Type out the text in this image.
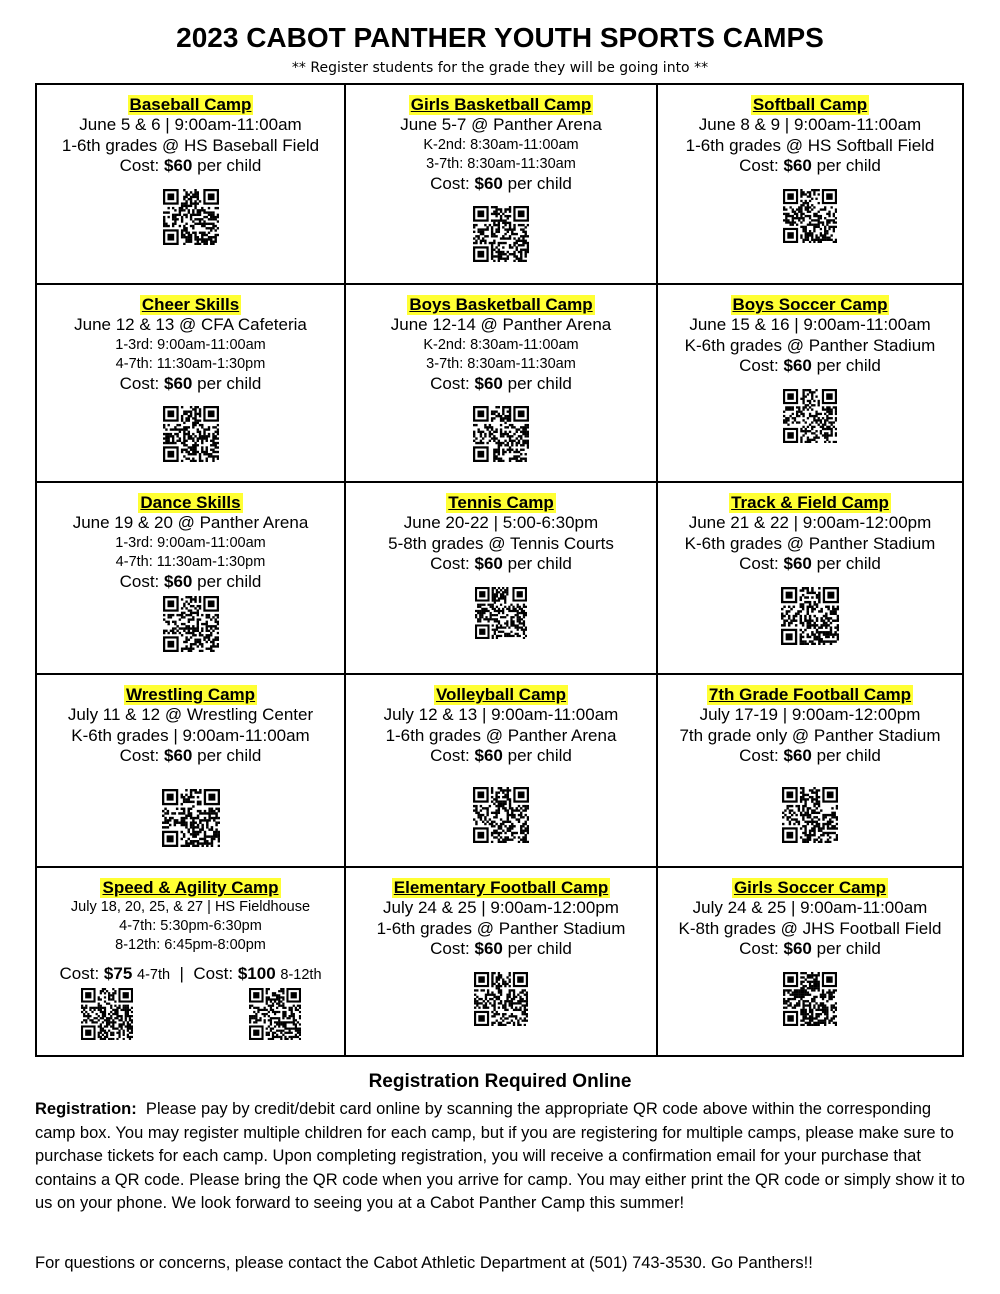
2023 CABOT PANTHER YOUTH SPORTS CAMPS
** Register students for the grade they will be going into **
Baseball Camp
June 5 & 6 | 9:00am-11:00am
1-6th grades @ HS Baseball Field
Cost: $60 per child
Girls Basketball Camp
June 5-7 @ Panther Arena
K-2nd: 8:30am-11:00am
3-7th: 8:30am-11:30am
Cost: $60 per child
Softball Camp
June 8 & 9 | 9:00am-11:00am
1-6th grades @ HS Softball Field
Cost: $60 per child
Cheer Skills
June 12 & 13 @ CFA Cafeteria
1-3rd: 9:00am-11:00am
4-7th: 11:30am-1:30pm
Cost: $60 per child
Boys Basketball Camp
June 12-14 @ Panther Arena
K-2nd: 8:30am-11:00am
3-7th: 8:30am-11:30am
Cost: $60 per child
Boys Soccer Camp
June 15 & 16 | 9:00am-11:00am
K-6th grades @ Panther Stadium
Cost: $60 per child
Dance Skills
June 19 & 20 @ Panther Arena
1-3rd: 9:00am-11:00am
4-7th: 11:30am-1:30pm
Cost: $60 per child
Tennis Camp
June 20-22 | 5:00-6:30pm
5-8th grades @ Tennis Courts
Cost: $60 per child
Track & Field Camp
June 21 & 22 | 9:00am-12:00pm
K-6th grades @ Panther Stadium
Cost: $60 per child
Wrestling Camp
July 11 & 12 @ Wrestling Center
K-6th grades | 9:00am-11:00am
Cost: $60 per child
Volleyball Camp
July 12 & 13 | 9:00am-11:00am
1-6th grades @ Panther Arena
Cost: $60 per child
7th Grade Football Camp
July 17-19 | 9:00am-12:00pm
7th grade only @ Panther Stadium
Cost: $60 per child
Speed & Agility Camp
July 18, 20, 25, & 27 | HS Fieldhouse
4-7th: 5:30pm-6:30pm
8-12th: 6:45pm-8:00pm
Cost: $75 4-7th | Cost: $100 8-12th
Elementary Football Camp
July 24 & 25 | 9:00am-12:00pm
1-6th grades @ Panther Stadium
Cost: $60 per child
Girls Soccer Camp
July 24 & 25 | 9:00am-11:00am
K-8th grades @ JHS Football Field
Cost: $60 per child
Registration Required Online
Registration:  Please pay by credit/debit card online by scanning the appropriate QR code above within the corresponding camp box. You may register multiple children for each camp, but if you are registering for multiple camps, please make sure to purchase tickets for each camp. Upon completing registration, you will receive a confirmation email for your purchase that contains a QR code. Please bring the QR code when you arrive for camp. You may either print the QR code or simply show it to us on your phone. We look forward to seeing you at a Cabot Panther Camp this summer!
For questions or concerns, please contact the Cabot Athletic Department at (501) 743-3530. Go Panthers!!
